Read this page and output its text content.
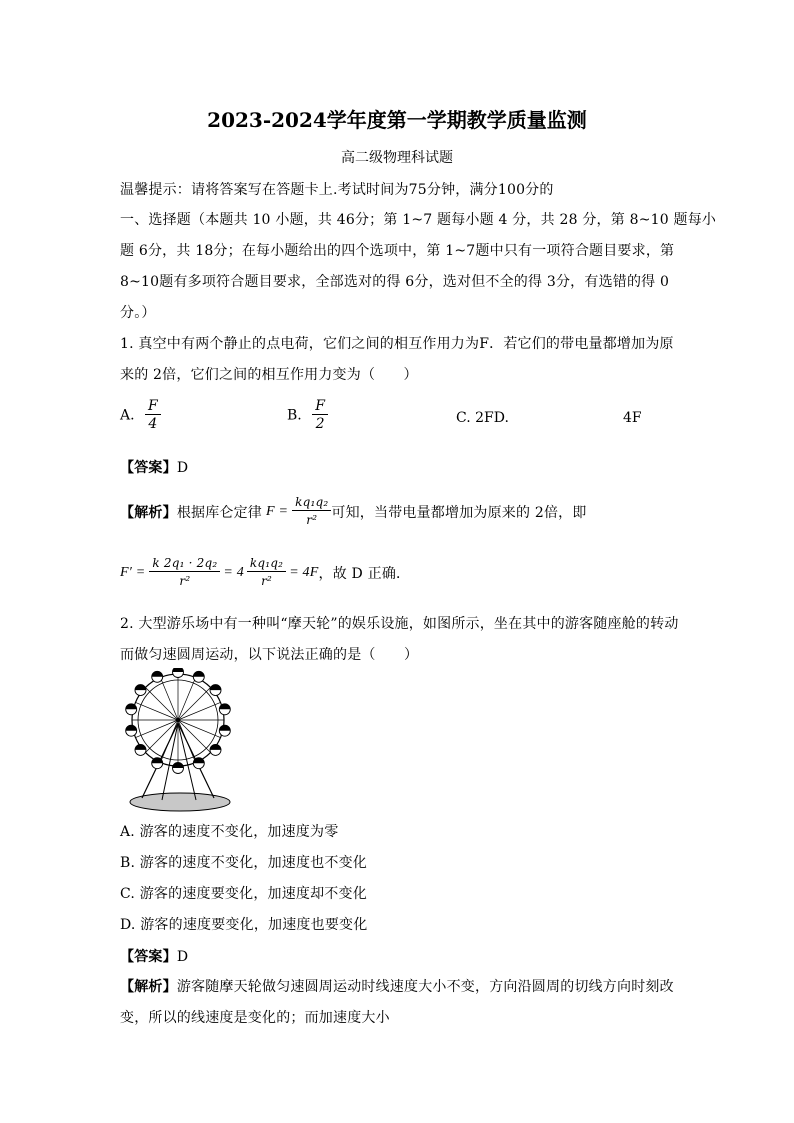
2023-2024学年度第一学期教学质量监测
高二级物理科试题
温馨提示：请将答案写在答题卡上.考试时间为75分钟，满分100分的
一、选择题（本题共 10 小题，共 46分；第 1~7 题每小题 4 分，共 28 分，第 8~10 题每小
题 6分，共 18分；在每小题给出的四个选项中，第 1~7题中只有一项符合题目要求，第
8~10题有多项符合题目要求，全部选对的得 6分，选对但不全的得 3分，有选错的得 0
分。）
1. 真空中有两个静止的点电荷，它们之间的相互作用力为F．若它们的带电量都增加为原
来的 2倍，它们之间的相互作用力变为（　　）
A. $\frac{F}{4}$	B. $\frac{F}{2}$	C. 2FD.	4F
【答案】D
【解析】 根据库仑定律 $F = \frac{\text{kq₁q₂}}{\text{r²}}$ 可知，当带电量都增加为原来的 2倍，即
$F' = \frac{\text{k 2q₁ · 2q₂}}{\text{r²}} = 4 \frac{\text{kq₁q₂}}{\text{r²}} = 4F$ ，故 D 正确．
2. 大型游乐场中有一种叫“摩天轮”的娱乐设施，如图所示，坐在其中的游客随座舱的转动
而做匀速圆周运动，以下说法正确的是（　　）
A. 游客的速度不变化，加速度为零
B. 游客的速度不变化，加速度也不变化
C. 游客的速度要变化，加速度却不变化
D. 游客的速度要变化，加速度也要变化
【答案】D
【解析】游客随摩天轮做匀速圆周运动时线速度大小不变，方向沿圆周的切线方向时刻改
变，所以的线速度是变化的；而加速度大小
